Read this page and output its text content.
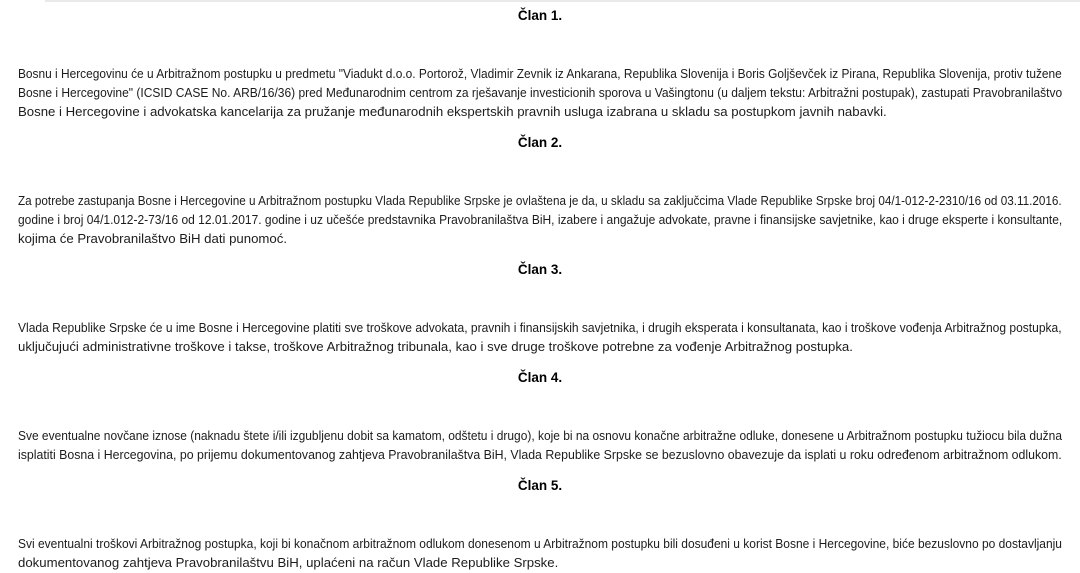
Član 1.
Bosnu i Hercegovinu će u Arbitražnom postupku u predmetu "Viadukt d.o.o. Portorož, Vladimir Zevnik iz Ankarana, Republika Slovenija i Boris Goljševček iz Pirana, Republika Slovenija, protiv tužene
Bosne i Hercegovine" (ICSID CASE No. ARB/16/36) pred Međunarodnim centrom za rješavanje investicionih sporova u Vašingtonu (u daljem tekstu: Arbitražni postupak), zastupati Pravobranilaštvo
Bosne i Hercegovine i advokatska kancelarija za pružanje međunarodnih ekspertskih pravnih usluga izabrana u skladu sa postupkom javnih nabavki.
Član 2.
Za potrebe zastupanja Bosne i Hercegovine u Arbitražnom postupku Vlada Republike Srpske je ovlaštena je da, u skladu sa zaključcima Vlade Republike Srpske broj 04/1-012-2-2310/16 od 03.11.2016.
godine i broj 04/1.012-2-73/16 od 12.01.2017. godine i uz učešće predstavnika Pravobranilaštva BiH, izabere i angažuje advokate, pravne i finansijske savjetnike, kao i druge eksperte i konsultante,
kojima će Pravobranilaštvo BiH dati punomoć.
Član 3.
Vlada Republike Srpske će u ime Bosne i Hercegovine platiti sve troškove advokata, pravnih i finansijskih savjetnika, i drugih eksperata i konsultanata, kao i troškove vođenja Arbitražnog postupka,
uključujući administrativne troškove i takse, troškove Arbitražnog tribunala, kao i sve druge troškove potrebne za vođenje Arbitražnog postupka.
Član 4.
Sve eventualne novčane iznose (naknadu štete i/ili izgubljenu dobit sa kamatom, odštetu i drugo), koje bi na osnovu konačne arbitražne odluke, donesene u Arbitražnom postupku tužiocu bila dužna
isplatiti Bosna i Hercegovina, po prijemu dokumentovanog zahtjeva Pravobranilaštva BiH, Vlada Republike Srpske se bezuslovno obavezuje da isplati u roku određenom arbitražnom odlukom.
Član 5.
Svi eventualni troškovi Arbitražnog postupka, koji bi konačnom arbitražnom odlukom donesenom u Arbitražnom postupku bili dosuđeni u korist Bosne i Hercegovine, biće bezuslovno po dostavljanju
dokumentovanog zahtjeva Pravobranilaštvu BiH, uplaćeni na račun Vlade Republike Srpske.
